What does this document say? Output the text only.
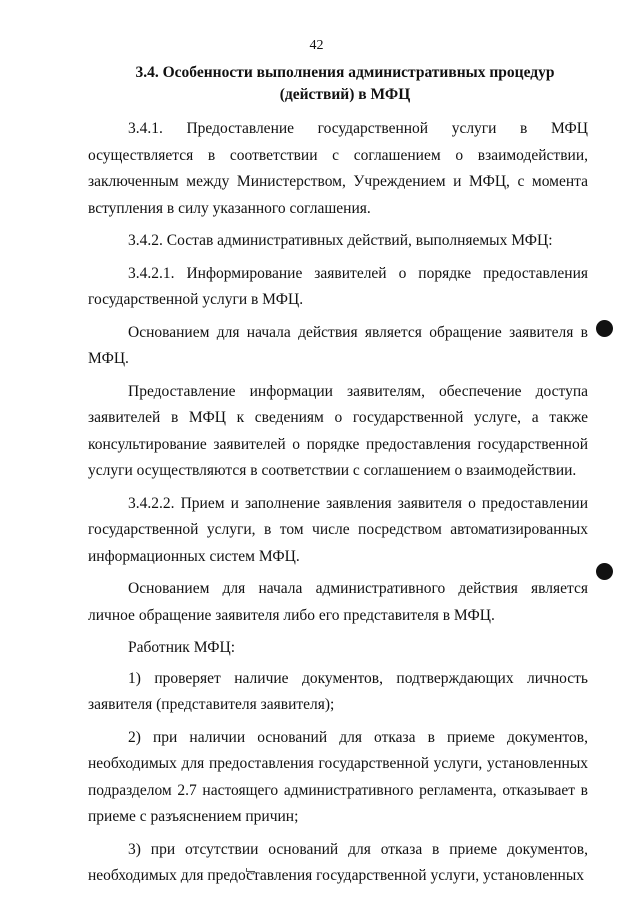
42
3.4. Особенности выполнения административных процедур (действий) в МФЦ

3.4.1. Предоставление государственной услуги в МФЦ осуществляется в соответствии с соглашением о взаимодействии, заключенным между Министерством, Учреждением и МФЦ, с момента вступления в силу указанного соглашения.

3.4.2. Состав административных действий, выполняемых МФЦ:

3.4.2.1. Информирование заявителей о порядке предоставления государственной услуги в МФЦ.

Основанием для начала действия является обращение заявителя в МФЦ.

Предоставление информации заявителям, обеспечение доступа заявителей в МФЦ к сведениям о государственной услуге, а также консультирование заявителей о порядке предоставления государственной услуги осуществляются в соответствии с соглашением о взаимодействии.

3.4.2.2. Прием и заполнение заявления заявителя о предоставлении государственной услуги, в том числе посредством автоматизированных информационных систем МФЦ.

Основанием для начала административного действия является личное обращение заявителя либо его представителя в МФЦ.

Работник МФЦ:

1) проверяет наличие документов, подтверждающих личность заявителя (представителя заявителя);

2) при наличии оснований для отказа в приеме документов, необходимых для предоставления государственной услуги, установленных подразделом 2.7 настоящего административного регламента, отказывает в приеме с разъяснением причин;

3) при отсутствии оснований для отказа в приеме документов, необходимых для предоставления государственной услуги, установленных
